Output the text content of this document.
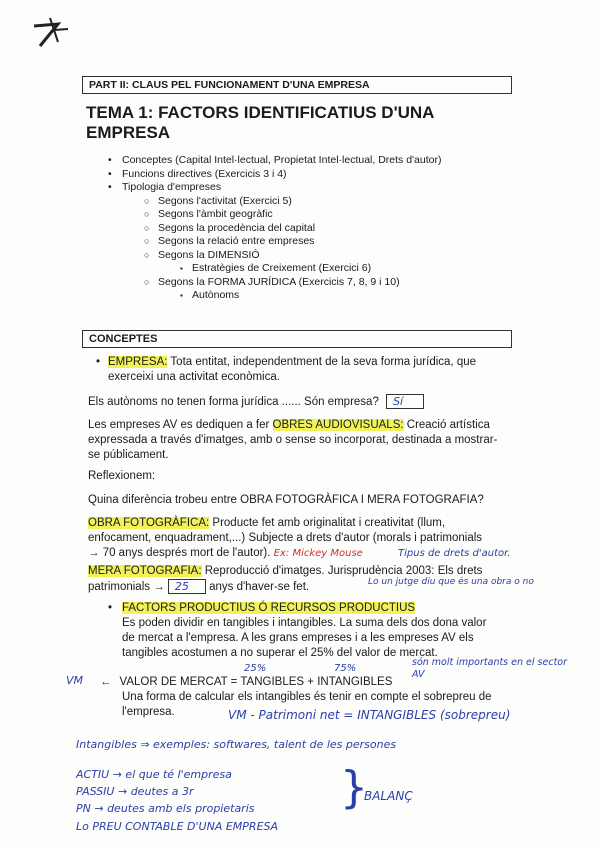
PART II: CLAUS PEL FUNCIONAMENT D'UNA EMPRESA
TEMA 1: FACTORS IDENTIFICATIUS D'UNA
EMPRESA
• Conceptes (Capital Intel·lectual, Propietat Intel·lectual, Drets d'autor)
• Funcions directives (Exercicis 3 i 4)
• Tipologia d'empreses
○ Segons l'activitat (Exercici 5)
○ Segons l'àmbit geogràfic
○ Segons la procedència del capital
○ Segons la relació entre empreses
○ Segons la DIMENSIÓ
▪ Estratègies de Creixement (Exercici 6)
○ Segons la FORMA JURÍDICA (Exercicis 7, 8, 9 i 10)
▪ Autònoms
CONCEPTES
• EMPRESA: Tota entitat, independentment de la seva forma jurídica, que
exerceixi una activitat econòmica.
Els autònoms no tenen forma jurídica ...... Són empresa? Sí
Les empreses AV es dediquen a fer OBRES AUDIOVISUALS: Creació artística
expressada a través d'imatges, amb o sense so incorporat, destinada a mostrar-
se públicament.
Reflexionem:
Quina diferència trobeu entre OBRA FOTOGRÀFICA I MERA FOTOGRAFIA?
OBRA FOTOGRÀFICA: Producte fet amb originalitat i creativitat (llum,
enfocament, enquadrament,...) Subjecte a drets d'autor (morals i patrimonials
→ 70 anys després mort de l'autor). Ex: Mickey Mouse	Tipus de drets d'autor.
MERA FOTOGRAFIA: Reproducció d'imatges. Jurisprudència 2003: Els drets
patrimonials → 25 anys d'haver-se fet.	Lo un jutge diu que és una obra o no
• FACTORS PRODUCTIUS Ó RECURSOS PRODUCTIUS
Es poden dividir en tangibles i intangibles. La suma dels dos dona valor
de mercat a l'empresa. A les grans empreses i a les empreses AV els
tangibles acostumen a no superar el 25% del valor de mercat.
25%	75%
són molt importants en el sector AV
VM ← VALOR DE MERCAT = TANGIBLES + INTANGIBLES
Una forma de calcular els intangibles és tenir en compte el sobrepreu de
l'empresa.	VM - Patrimoni net = INTANGIBLES (sobrepreu)
Intangibles ⇒ exemples: softwares, talent de les persones
ACTIU → el que té l'empresa
PASSIU → deutes a 3r
PN → deutes amb els propietaris
Lo PREU CONTABLE D'UNA EMPRESA
}
BALANÇ
